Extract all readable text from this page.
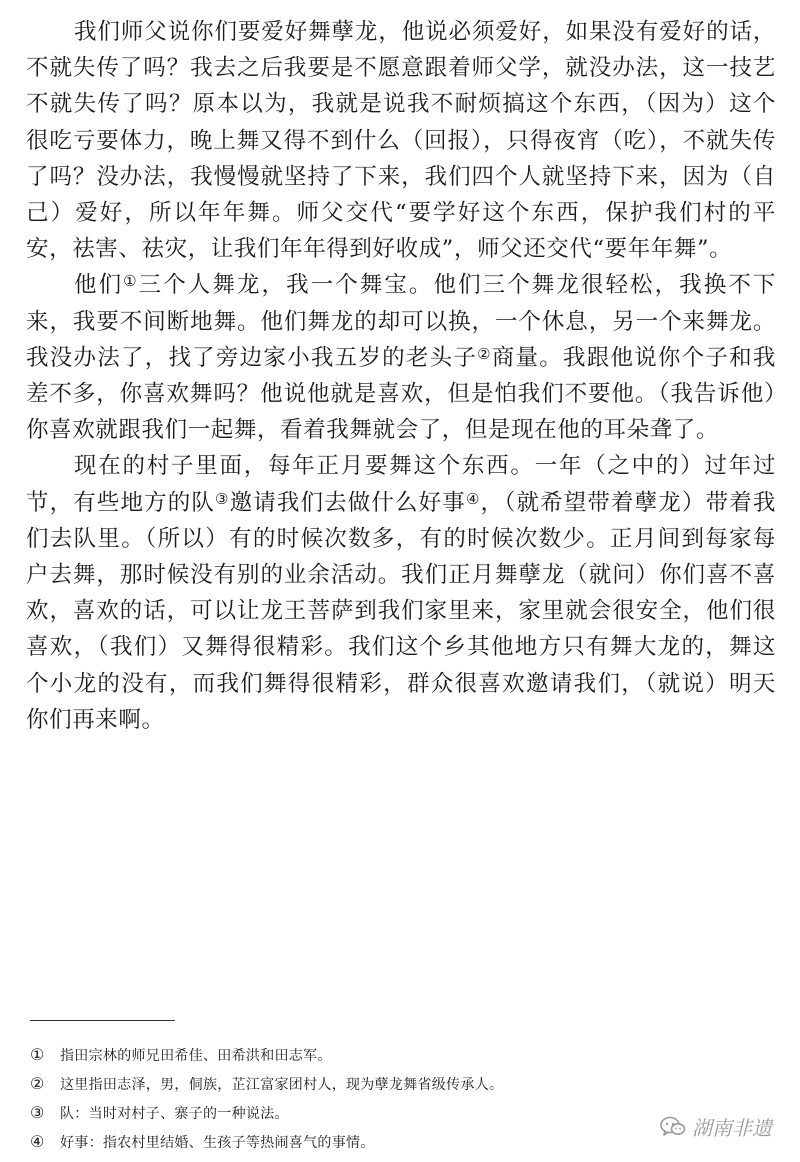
我们师父说你们要爱好舞孽龙，他说必须爱好，如果没有爱好的话，不就失传了吗？我去之后我要是不愿意跟着师父学，就没办法，这一技艺不就失传了吗？原本以为，我就是说我不耐烦搞这个东西，（因为）这个很吃亏要体力，晚上舞又得不到什么（回报），只得夜宵（吃），不就失传了吗？没办法，我慢慢就坚持了下来，我们四个人就坚持下来，因为（自己）爱好，所以年年舞。师父交代“要学好这个东西，保护我们村的平安，祛害、祛灾，让我们年年得到好收成”，师父还交代“要年年舞”。

他们①三个人舞龙，我一个舞宝。他们三个舞龙很轻松，我换不下来，我要不间断地舞。他们舞龙的却可以换，一个休息，另一个来舞龙。我没办法了，找了旁边家小我五岁的老头子②商量。我跟他说你个子和我差不多，你喜欢舞吗？他说他就是喜欢，但是怕我们不要他。（我告诉他）你喜欢就跟我们一起舞，看着我舞就会了，但是现在他的耳朵聋了。

现在的村子里面，每年正月要舞这个东西。一年（之中的）过年过节，有些地方的队③邀请我们去做什么好事④，（就希望带着孽龙）带着我们去队里。（所以）有的时候次数多，有的时候次数少。正月间到每家每户去舞，那时候没有别的业余活动。我们正月舞孽龙（就问）你们喜不喜欢，喜欢的话，可以让龙王菩萨到我们家里来，家里就会很安全，他们很喜欢，（我们）又舞得很精彩。我们这个乡其他地方只有舞大龙的，舞这个小龙的没有，而我们舞得很精彩，群众很喜欢邀请我们，（就说）明天你们再来啊。

①	指田宗林的师兄田希佳、田希洪和田志军。
②	这里指田志泽，男，侗族，芷江富家团村人，现为孽龙舞省级传承人。
③	队：当时对村子、寨子的一种说法。
④	好事：指农村里结婚、生孩子等热闹喜气的事情。
湖南非遗
